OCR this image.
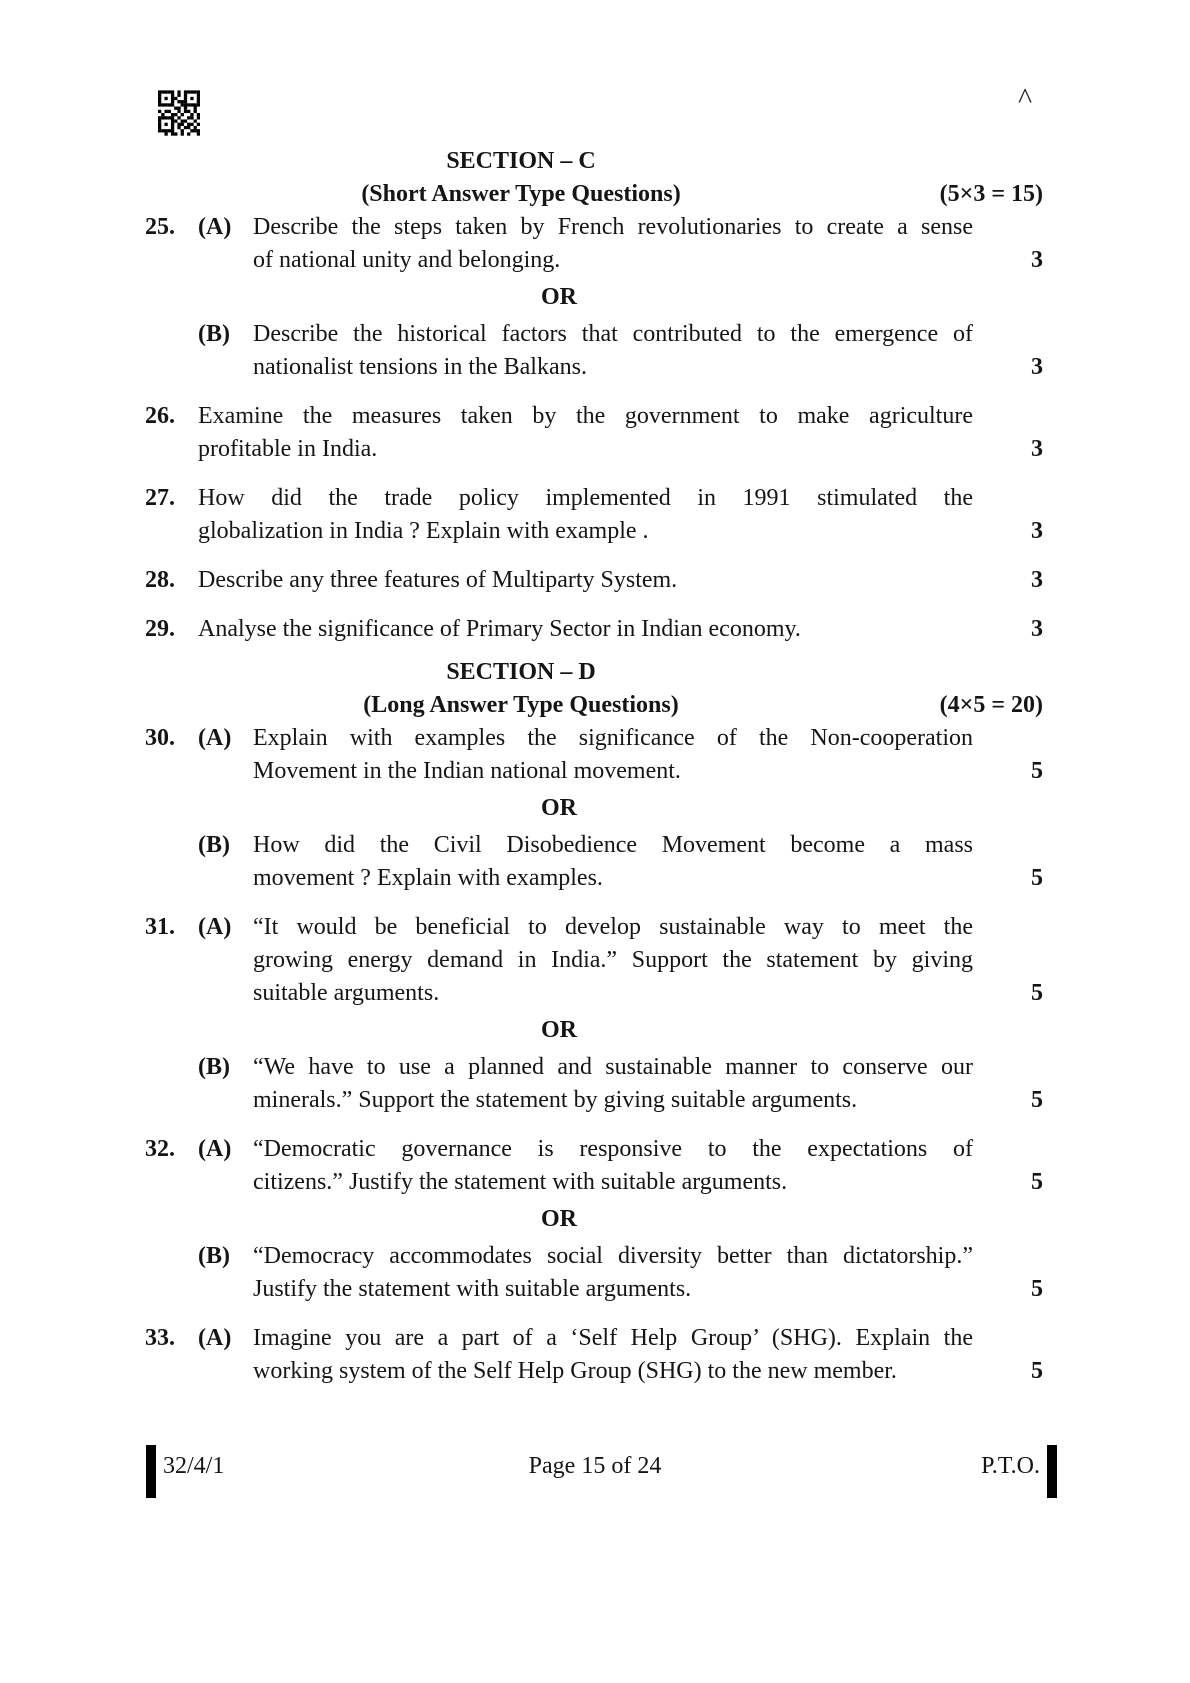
^
SECTION – C
(Short Answer Type Questions)	(5×3 = 15)
25. (A) Describe the steps taken by French revolutionaries to create a sense
of national unity and belonging.	3
OR
(B) Describe the historical factors that contributed to the emergence of
nationalist tensions in the Balkans.	3
26. Examine the measures taken by the government to make agriculture
profitable in India.	3
27. How did the trade policy implemented in 1991 stimulated the
globalization in India ? Explain with example .	3
28. Describe any three features of Multiparty System.	3
29. Analyse the significance of Primary Sector in Indian economy.	3
SECTION – D
(Long Answer Type Questions)	(4×5 = 20)
30. (A) Explain with examples the significance of the Non-cooperation
Movement in the Indian national movement.	5
OR
(B) How did the Civil Disobedience Movement become a mass
movement ? Explain with examples.	5
31. (A) “It would be beneficial to develop sustainable way to meet the
growing energy demand in India.” Support the statement by giving
suitable arguments.	5
OR
(B) “We have to use a planned and sustainable manner to conserve our
minerals.” Support the statement by giving suitable arguments.	5
32. (A) “Democratic governance is responsive to the expectations of
citizens.” Justify the statement with suitable arguments.	5
OR
(B) “Democracy accommodates social diversity better than dictatorship.”
Justify the statement with suitable arguments.	5
33. (A) Imagine you are a part of a ‘Self Help Group’ (SHG). Explain the
working system of the Self Help Group (SHG) to the new member.	5
32/4/1	Page 15 of 24	P.T.O.
